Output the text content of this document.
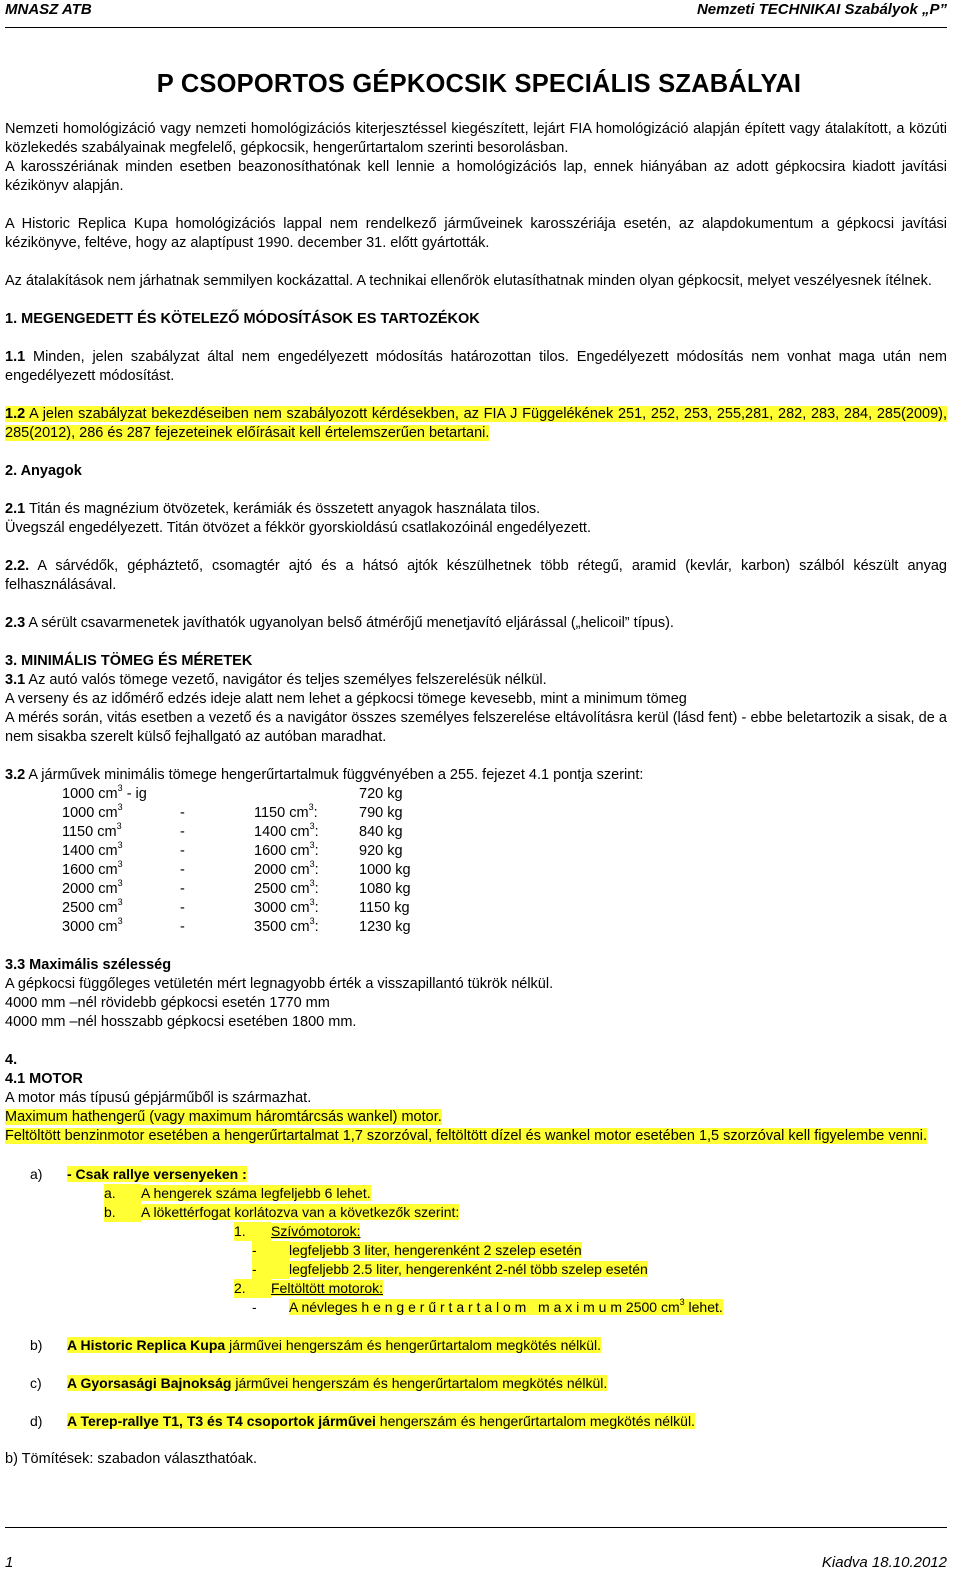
MNASZ ATB	Nemzeti TECHNIKAI Szabályok „P”
P CSOPORTOS GÉPKOCSIK SPECIÁLIS SZABÁLYAI

Nemzeti homológizáció vagy nemzeti homológizációs kiterjesztéssel kiegészített, lejárt FIA homológizáció alapján épített vagy átalakított, a közúti közlekedés szabályainak megfelelő, gépkocsik, hengerűrtartalom szerinti besorolásban.

A karosszériának minden esetben beazonosíthatónak kell lennie a homológizációs lap, ennek hiányában az adott gépkocsira kiadott javítási kézikönyv alapján.

A Historic Replica Kupa homológizációs lappal nem rendelkező járműveinek karosszériája esetén, az alapdokumentum a gépkocsi javítási kézikönyve, feltéve, hogy az alaptípust 1990. december 31. előtt gyártották.

Az átalakítások nem járhatnak semmilyen kockázattal. A technikai ellenőrök elutasíthatnak minden olyan gépkocsit, melyet veszélyesnek ítélnek.

1. MEGENGEDETT ÉS KÖTELEZŐ MÓDOSÍTÁSOK ES TARTOZÉKOK

1.1 Minden, jelen szabályzat által nem engedélyezett módosítás határozottan tilos. Engedélyezett módosítás nem vonhat maga után nem engedélyezett módosítást.

1.2 A jelen szabályzat bekezdéseiben nem szabályozott kérdésekben, az FIA J Függelékének 251, 252, 253, 255,281, 282, 283, 284, 285(2009), 285(2012), 286 és 287 fejezeteinek előírásait kell értelemszerűen betartani.

2. Anyagok

2.1 Titán és magnézium ötvözetek, kerámiák és összetett anyagok használata tilos.

Üvegszál engedélyezett. Titán ötvözet a fékkör gyorskioldású csatlakozóinál engedélyezett.

2.2. A sárvédők, gépháztető, csomagtér ajtó és a hátsó ajtók készülhetnek több rétegű, aramid (kevlár, karbon) szálból készült anyag felhasználásával.

2.3 A sérült csavarmenetek javíthatók ugyanolyan belső átmérőjű menetjavító eljárással („helicoil” típus).

3. MINIMÁLIS TÖMEG ÉS MÉRETEK

3.1 Az autó valós tömege vezető, navigátor és teljes személyes felszerelésük nélkül.

A verseny és az időmérő edzés ideje alatt nem lehet a gépkocsi tömege kevesebb, mint a minimum tömeg

A mérés során, vitás esetben a vezető és a navigátor összes személyes felszerelése eltávolításra kerül (lásd fent) - ebbe beletartozik a sisak, de a nem sisakba szerelt külső fejhallgató az autóban maradhat.

3.2 A járművek minimális tömege hengerűrtartalmuk függvényében a 255. fejezet 4.1 pontja szerint:

1000 $cm^3$ - ig			720 kg
1000 $cm^3$	-	1150 $cm^3$:	790 kg
1150 $cm^3$	-	1400 $cm^3$:	840 kg
1400 $cm^3$	-	1600 $cm^3$:	920 kg
1600 $cm^3$	-	2000 $cm^3$:	1000 kg
2000 $cm^3$	-	2500 $cm^3$:	1080 kg
2500 $cm^3$	-	3000 $cm^3$:	1150 kg
3000 $cm^3$	-	3500 $cm^3$:	1230 kg

3.3 Maximális szélesség

A gépkocsi függőleges vetületén mért legnagyobb érték a visszapillantó tükrök nélkül.

4000 mm –nél rövidebb gépkocsi esetén 1770 mm

4000 mm –nél hosszabb gépkocsi esetében 1800 mm.

4.

4.1 MOTOR

A motor más típusú gépjárműből is származhat.

Maximum hathengerű (vagy maximum háromtárcsás wankel) motor.

Feltöltött benzinmotor esetében a hengerűrtartalmat 1,7 szorzóval, feltöltött dízel és wankel motor esetében 1,5 szorzóval kell figyelembe venni.

a) - Csak rallye versenyeken :

a. A hengerek száma legfeljebb 6 lehet.

b. A lökettérfogat korlátozva van a következők szerint:

1. Szívómotorok:

- legfeljebb 3 liter, hengerenként 2 szelep esetén

- legfeljebb 2.5 liter, hengerenként 2-nél több szelep esetén

2. Feltöltött motorok:

- A névleges h e n g e r ű r t a r t a l o m   m a x i m u m 2500 $cm^3$ lehet.

b) A Historic Replica Kupa járművei hengerszám és hengerűrtartalom megkötés nélkül.

c) A Gyorsasági Bajnokság járművei hengerszám és hengerűrtartalom megkötés nélkül.

d) A Terep-rallye T1, T3 és T4 csoportok járművei hengerszám és hengerűrtartalom megkötés nélkül.

b) Tömítések: szabadon választhatóak.

1	Kiadva 18.10.2012
